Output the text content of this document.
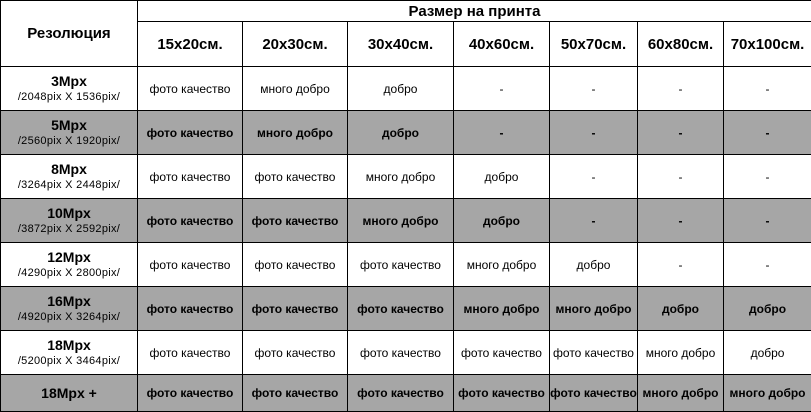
Резолюция	Размер на принта						
	15x20см.	20x30см.	30x40см.	40x60см.	50x70см.	60x80см.	70x100см.

3Mpx
/2048pix X 1536pix/	фото качество	много добро	добро	-	-	-	-

5Mpx
/2560pix X 1920pix/	фото качество	много добро	добро	-	-	-	-

8Mpx
/3264pix X 2448pix/	фото качество	фото качество	много добро	добро	-	-	-

10Mpx
/3872pix X 2592pix/	фото качество	фото качество	много добро	добро	-	-	-

12Mpx
/4290pix X 2800pix/	фото качество	фото качество	фото качество	много добро	добро	-	-

16Mpx
/4920pix X 3264pix/	фото качество	фото качество	фото качество	много добро	много добро	добро	добро

18Mpx
/5200pix X 3464pix/	фото качество	фото качество	фото качество	фото качество	фото качество	много добро	добро

18Mpx +	фото качество	фото качество	фото качество	фото качество	фото качество	много добро	много добро
